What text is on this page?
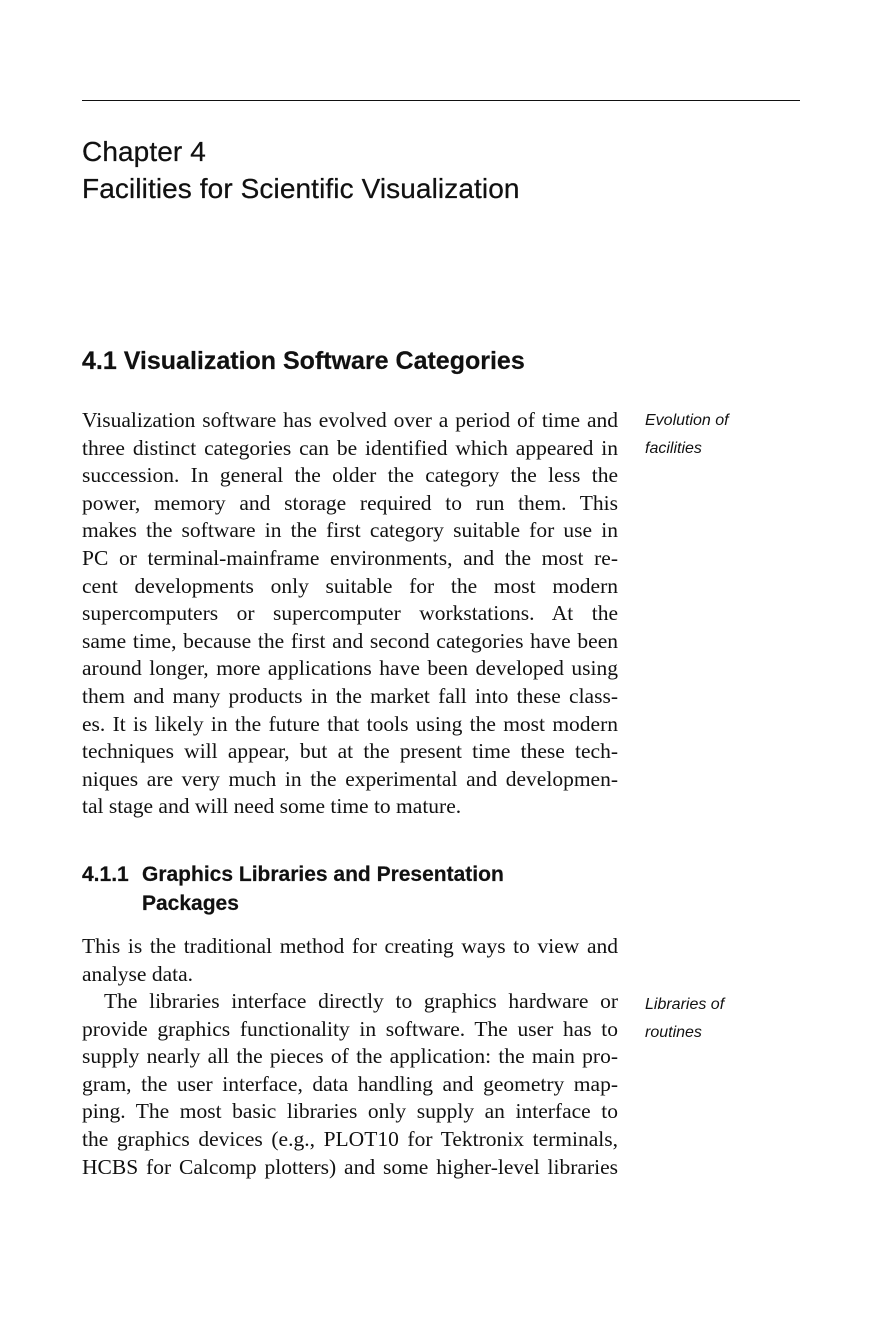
Chapter 4
Facilities for Scientific Visualization
4.1 Visualization Software Categories
Evolution of
facilities
Visualization software has evolved over a period of time and
three distinct categories can be identified which appeared in
succession. In general the older the category the less the
power, memory and storage required to run them. This
makes the software in the first category suitable for use in
PC or terminal-mainframe environments, and the most re-
cent developments only suitable for the most modern
supercomputers or supercomputer workstations. At the
same time, because the first and second categories have been
around longer, more applications have been developed using
them and many products in the market fall into these class-
es. It is likely in the future that tools using the most modern
techniques will appear, but at the present time these tech-
niques are very much in the experimental and developmen-
tal stage and will need some time to mature.
4.1.1 Graphics Libraries and Presentation
Packages
This is the traditional method for creating ways to view and
analyse data.
Libraries of
routines
The libraries interface directly to graphics hardware or
provide graphics functionality in software. The user has to
supply nearly all the pieces of the application: the main pro-
gram, the user interface, data handling and geometry map-
ping. The most basic libraries only supply an interface to
the graphics devices (e.g., PLOT10 for Tektronix terminals,
HCBS for Calcomp plotters) and some higher-level libraries
